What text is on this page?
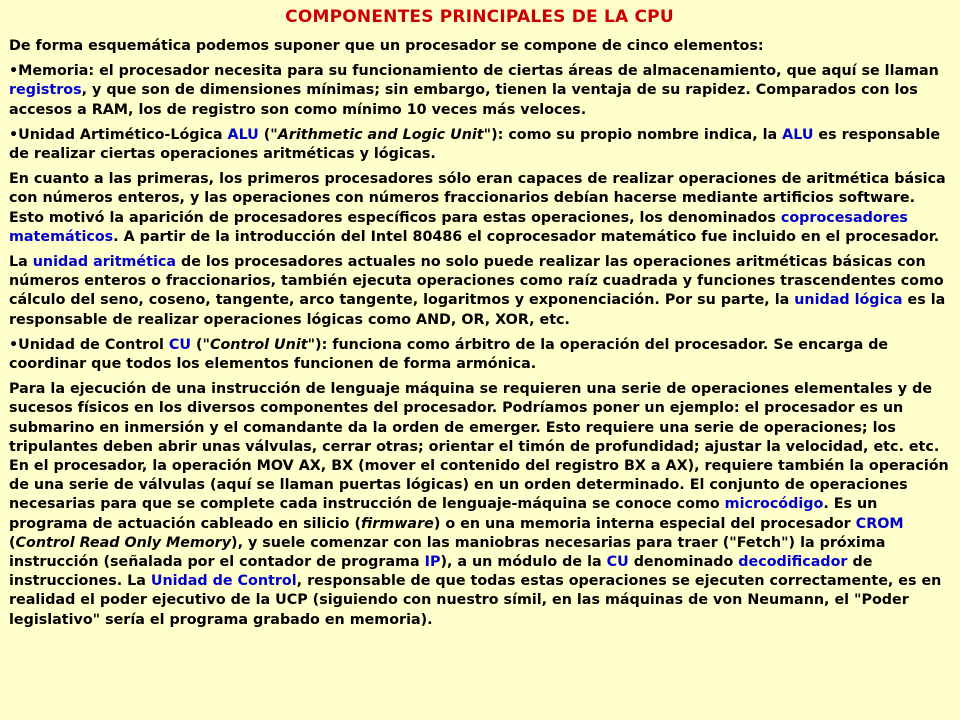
COMPONENTES PRINCIPALES DE LA CPU
De forma esquemática podemos suponer que un procesador se compone de cinco elementos:
•Memoria: el procesador necesita para su funcionamiento de ciertas áreas de almacenamiento, que aquí se llaman registros, y que son de dimensiones mínimas; sin embargo, tienen la ventaja de su rapidez. Comparados con los accesos a RAM, los de registro son como mínimo 10 veces más veloces.
•Unidad Artimético-Lógica ALU ("Arithmetic and Logic Unit"): como su propio nombre indica, la ALU es responsable de realizar ciertas operaciones aritméticas y lógicas.
En cuanto a las primeras, los primeros procesadores sólo eran capaces de realizar operaciones de aritmética básica con números enteros, y las operaciones con números fraccionarios debían hacerse mediante artificios software. Esto motivó la aparición de procesadores específicos para estas operaciones, los denominados coprocesadores matemáticos. A partir de la introducción del Intel 80486 el coprocesador matemático fue incluido en el procesador.
La unidad aritmética de los procesadores actuales no solo puede realizar las operaciones aritméticas básicas con números enteros o fraccionarios, también ejecuta operaciones como raíz cuadrada y funciones trascendentes como cálculo del seno, coseno, tangente, arco tangente, logaritmos y exponenciación. Por su parte, la unidad lógica es la responsable de realizar operaciones lógicas como AND, OR, XOR, etc.
•Unidad de Control CU ("Control Unit"): funciona como árbitro de la operación del procesador. Se encarga de coordinar que todos los elementos funcionen de forma armónica.
Para la ejecución de una instrucción de lenguaje máquina se requieren una serie de operaciones elementales y de sucesos físicos en los diversos componentes del procesador. Podríamos poner un ejemplo: el procesador es un submarino en inmersión y el comandante da la orden de emerger. Esto requiere una serie de operaciones; los tripulantes deben abrir unas válvulas, cerrar otras; orientar el timón de profundidad; ajustar la velocidad, etc. etc. En el procesador, la operación MOV AX, BX (mover el contenido del registro BX a AX), requiere también la operación de una serie de válvulas (aquí se llaman puertas lógicas) en un orden determinado. El conjunto de operaciones necesarias para que se complete cada instrucción de lenguaje-máquina se conoce como microcódigo. Es un programa de actuación cableado en silicio (firmware) o en una memoria interna especial del procesador CROM (Control Read Only Memory), y suele comenzar con las maniobras necesarias para traer ("Fetch") la próxima instrucción (señalada por el contador de programa IP), a un módulo de la CU denominado decodificador de instrucciones. La Unidad de Control, responsable de que todas estas operaciones se ejecuten correctamente, es en realidad el poder ejecutivo de la UCP (siguiendo con nuestro símil, en las máquinas de von Neumann, el "Poder legislativo" sería el programa grabado en memoria).
